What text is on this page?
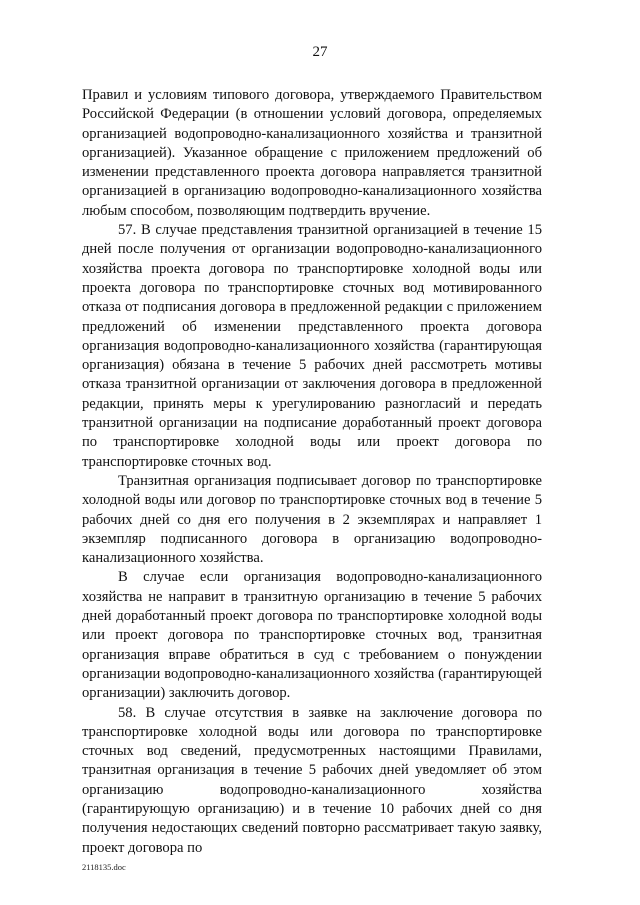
27

Правил и условиям типового договора, утверждаемого Правительством Российской Федерации (в отношении условий договора, определяемых организацией водопроводно-канализационного хозяйства и транзитной организацией). Указанное обращение с приложением предложений об изменении представленного проекта договора направляется транзитной организацией в организацию водопроводно-канализационного хозяйства любым способом, позволяющим подтвердить вручение.

57. В случае представления транзитной организацией в течение 15 дней после получения от организации водопроводно-канализационного хозяйства проекта договора по транспортировке холодной воды или проекта договора по транспортировке сточных вод мотивированного отказа от подписания договора в предложенной редакции с приложением предложений об изменении представленного проекта договора организация водопроводно-канализационного хозяйства (гарантирующая организация) обязана в течение 5 рабочих дней рассмотреть мотивы отказа транзитной организации от заключения договора в предложенной редакции, принять меры к урегулированию разногласий и передать транзитной организации на подписание доработанный проект договора по транспортировке холодной воды или проект договора по транспортировке сточных вод.

Транзитная организация подписывает договор по транспортировке холодной воды или договор по транспортировке сточных вод в течение 5 рабочих дней со дня его получения в 2 экземплярах и направляет 1 экземпляр подписанного договора в организацию водопроводно-канализационного хозяйства.

В случае если организация водопроводно-канализационного хозяйства не направит в транзитную организацию в течение 5 рабочих дней доработанный проект договора по транспортировке холодной воды или проект договора по транспортировке сточных вод, транзитная организация вправе обратиться в суд с требованием о понуждении организации водопроводно-канализационного хозяйства (гарантирующей организации) заключить договор.

58. В случае отсутствия в заявке на заключение договора по транспортировке холодной воды или договора по транспортировке сточных вод сведений, предусмотренных настоящими Правилами, транзитная организация в течение 5 рабочих дней уведомляет об этом организацию водопроводно-канализационного хозяйства (гарантирующую организацию) и в течение 10 рабочих дней со дня получения недостающих сведений повторно рассматривает такую заявку, проект договора по

2118135.doc
